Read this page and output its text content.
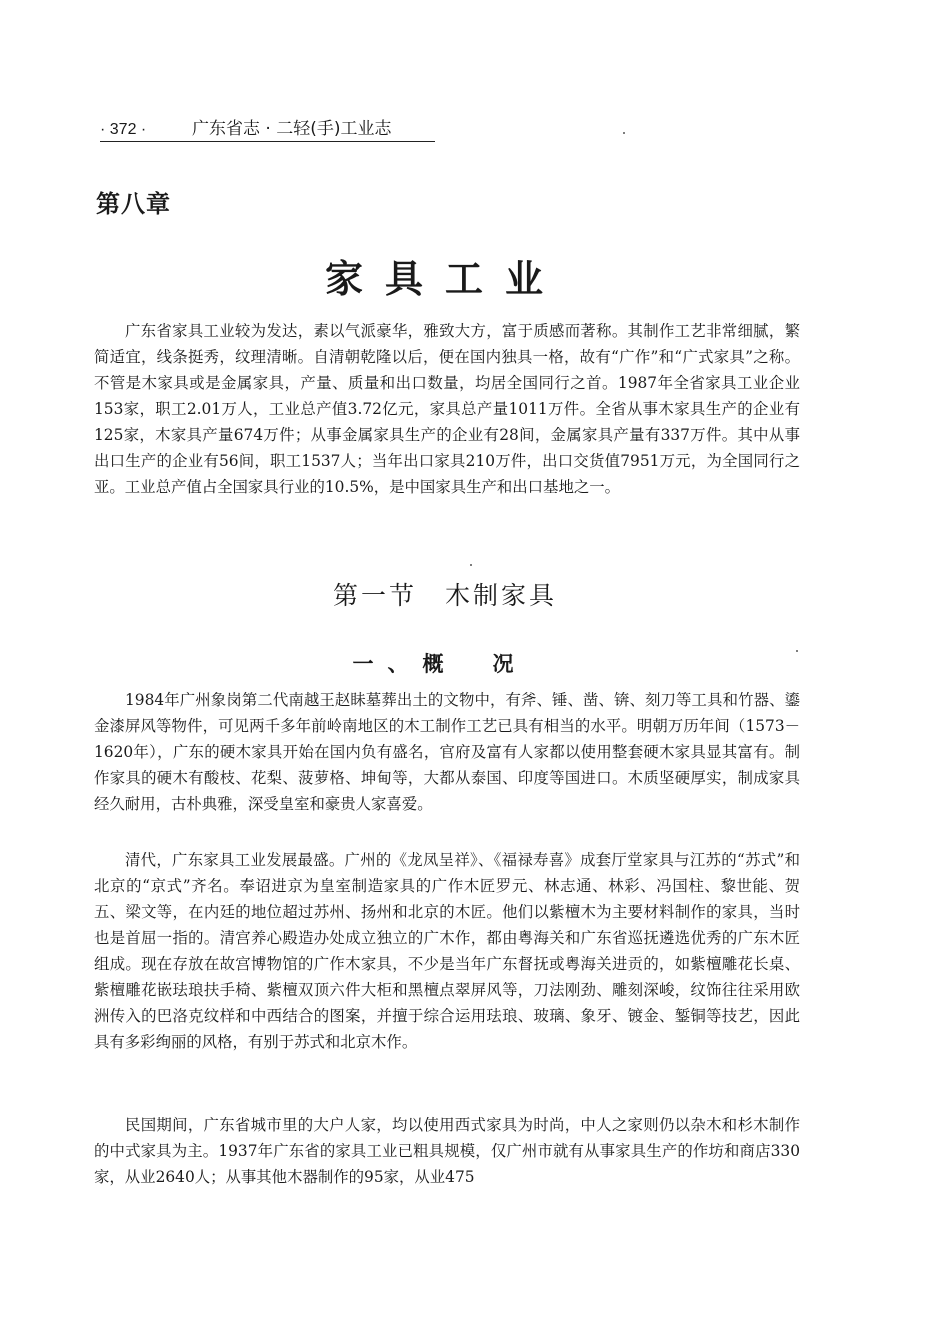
· 372 ·	广东省志 · 二轻(手)工业志
第八章
家具工业

广东省家具工业较为发达，素以气派豪华，雅致大方，富于质感而著称。其制作工艺非常细腻，繁简适宜，线条挺秀，纹理清晰。自清朝乾隆以后，便在国内独具一格，故有“广作”和“广式家具”之称。不管是木家具或是金属家具，产量、质量和出口数量，均居全国同行之首。1987年全省家具工业企业153家，职工2.01万人，工业总产值3.72亿元，家具总产量1011万件。全省从事木家具生产的企业有125家，木家具产量674万件；从事金属家具生产的企业有28间，金属家具产量有337万件。其中从事出口生产的企业有56间，职工1537人；当年出口家具210万件，出口交货值7951万元，为全国同行之亚。工业总产值占全国家具行业的10.5%，是中国家具生产和出口基地之一。

第一节　木制家具
一、概　况

1984年广州象岗第二代南越王赵眛墓葬出土的文物中，有斧、锤、凿、锛、刻刀等工具和竹器、鎏金漆屏风等物件，可见两千多年前岭南地区的木工制作工艺已具有相当的水平。明朝万历年间（1573－1620年），广东的硬木家具开始在国内负有盛名，官府及富有人家都以使用整套硬木家具显其富有。制作家具的硬木有酸枝、花梨、菠萝格、坤甸等，大都从泰国、印度等国进口。木质坚硬厚实，制成家具经久耐用，古朴典雅，深受皇室和豪贵人家喜爱。

清代，广东家具工业发展最盛。广州的《龙凤呈祥》、《福禄寿喜》成套厅堂家具与江苏的“苏式”和北京的“京式”齐名。奉诏进京为皇室制造家具的广作木匠罗元、林志通、林彩、冯国柱、黎世能、贺五、梁文等，在内廷的地位超过苏州、扬州和北京的木匠。他们以紫檀木为主要材料制作的家具，当时也是首屈一指的。清宫养心殿造办处成立独立的广木作，都由粤海关和广东省巡抚遴选优秀的广东木匠组成。现在存放在故宫博物馆的广作木家具，不少是当年广东督抚或粤海关进贡的，如紫檀雕花长桌、紫檀雕花嵌珐琅扶手椅、紫檀双顶六件大柜和黑檀点翠屏风等，刀法刚劲、雕刻深峻，纹饰往往采用欧洲传入的巴洛克纹样和中西结合的图案，并擅于综合运用珐琅、玻璃、象牙、镀金、錾铜等技艺，因此具有多彩绚丽的风格，有别于苏式和北京木作。

民国期间，广东省城市里的大户人家，均以使用西式家具为时尚，中人之家则仍以杂木和杉木制作的中式家具为主。1937年广东省的家具工业已粗具规模，仅广州市就有从事家具生产的作坊和商店330家，从业2640人；从事其他木器制作的95家，从业475
